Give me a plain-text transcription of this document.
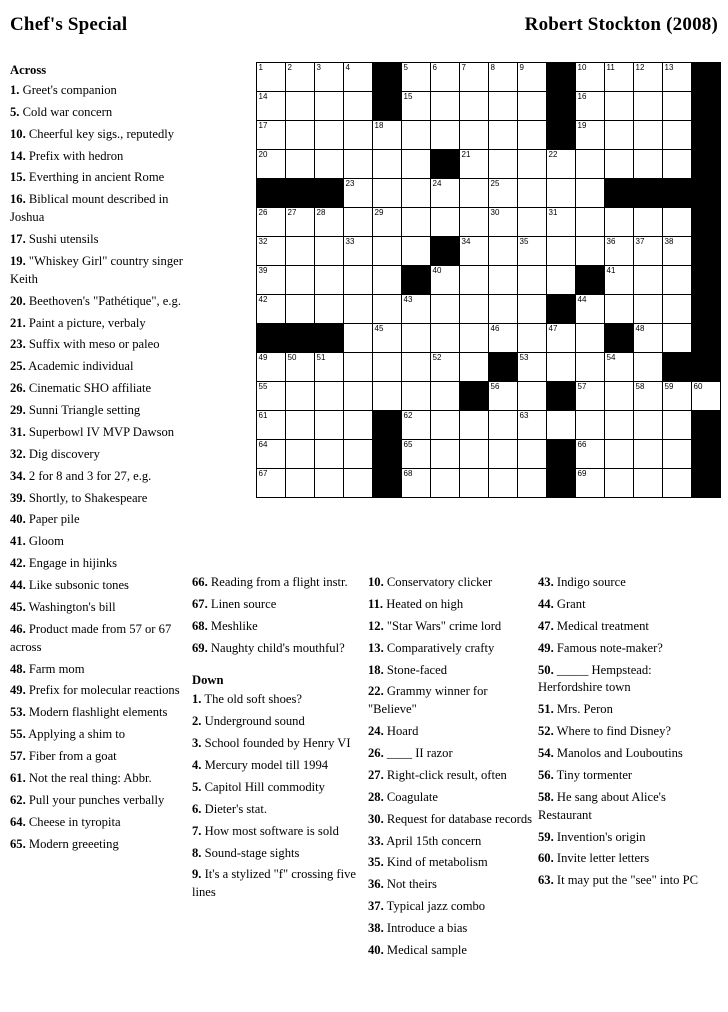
Chef's Special	Robert Stockton (2008)
1	2	3	4		5	6	7	8	9		10	11	12	13	

14					15						16				

17				18							19				

20							21			22					

			23			24		25							

26	27	28		29				30		31					

32			33				34		35			36	37	38	

39						40						41			

42					43						44				

				45				46		47			48		

49	50	51				52			53			54			

55								56			57		58	59	60

61					62				63						

64					65						66				

67					68						69				

Across
1. Greet's companion
5. Cold war concern
10. Cheerful key sigs., reputedly
14. Prefix with hedron
15. Everthing in ancient Rome
16. Biblical mount described in Joshua
17. Sushi utensils
19. "Whiskey Girl" country singer Keith
20. Beethoven's "Pathétique", e.g.
21. Paint a picture, verbaly
23. Suffix with meso or paleo
25. Academic individual
26. Cinematic SHO affiliate
29. Sunni Triangle setting
31. Superbowl IV MVP Dawson
32. Dig discovery
34. 2 for 8 and 3 for 27, e.g.
39. Shortly, to Shakespeare
40. Paper pile
41. Gloom
42. Engage in hijinks
44. Like subsonic tones
45. Washington's bill
46. Product made from 57 or 67 across
48. Farm mom
49. Prefix for molecular reactions
53. Modern flashlight elements
55. Applying a shim to
57. Fiber from a goat
61. Not the real thing: Abbr.
62. Pull your punches verbally
64. Cheese in tyropita
65. Modern greeeting
66. Reading from a flight instr.
67. Linen source
68. Meshlike
69. Naughty child's mouthful?
Down
1. The old soft shoes?
2. Underground sound
3. School founded by Henry VI
4. Mercury model till 1994
5. Capitol Hill commodity
6. Dieter's stat.
7. How most software is sold
8. Sound-stage sights
9. It's a stylized "f" crossing five lines
10. Conservatory clicker
11. Heated on high
12. "Star Wars" crime lord
13. Comparatively crafty
18. Stone-faced
22. Grammy winner for "Believe"
24. Hoard
26. ____ II razor
27. Right-click result, often
28. Coagulate
30. Request for database records
33. April 15th concern
35. Kind of metabolism
36. Not theirs
37. Typical jazz combo
38. Introduce a bias
40. Medical sample
43. Indigo source
44. Grant
47. Medical treatment
49. Famous note-maker?
50. _____ Hempstead: Herfordshire town
51. Mrs. Peron
52. Where to find Disney?
54. Manolos and Louboutins
56. Tiny tormenter
58. He sang about Alice's Restaurant
59. Invention's origin
60. Invite letter letters
63. It may put the "see" into PC
